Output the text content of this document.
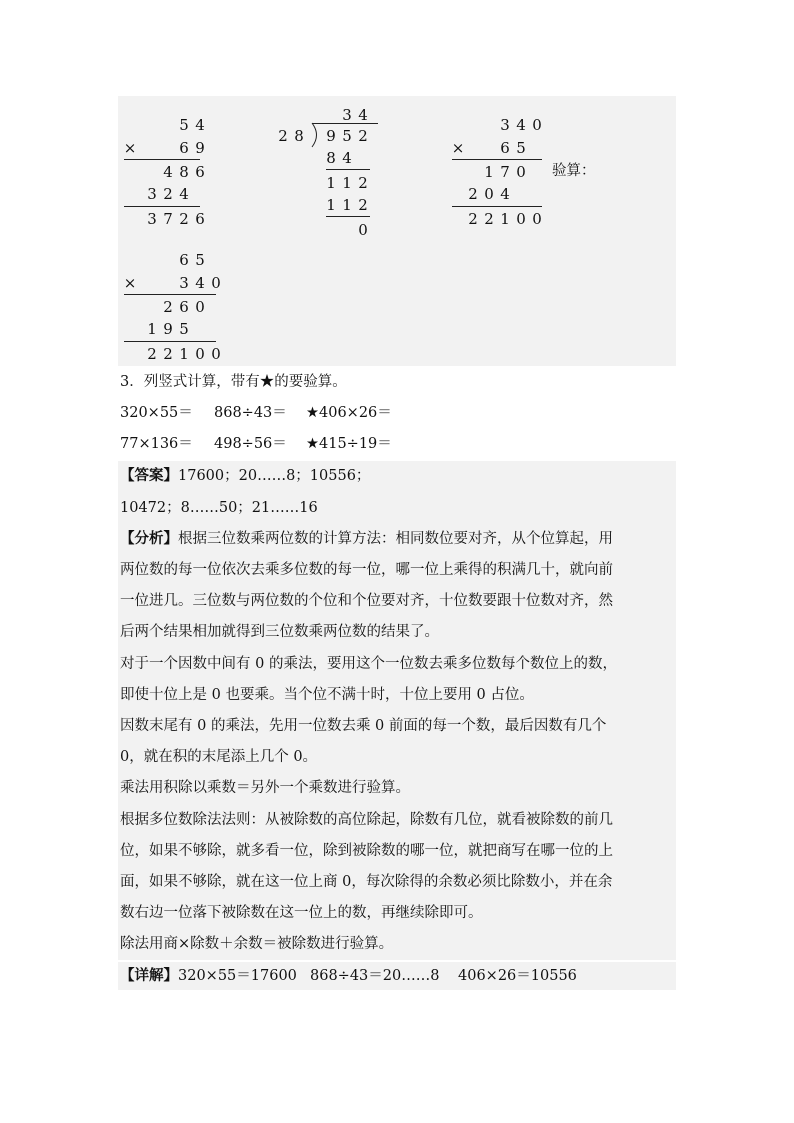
5 4
×	6 9
4 8 6
3 2 4
3 7 2 6
3 4
2 8 9 5 2
8 4
1 1 2
1 1 2
0
3 4 0
× 6 5
1 7 0
2 0 4
2 2 1 0 0
验算：
6 5
×	3 4 0
2 6 0
1 9 5
2 2 1 0 0
3．列竖式计算，带有★的要验算。
320×55＝ 868÷43＝ ★406×26＝
77×136＝ 498÷56＝ ★415÷19＝
【答案】17600；20……8；10556；
10472；8……50；21……16
【分析】根据三位数乘两位数的计算方法：相同数位要对齐，从个位算起，用
两位数的每一位依次去乘多位数的每一位，哪一位上乘得的积满几十，就向前
一位进几。三位数与两位数的个位和个位要对齐，十位数要跟十位数对齐，然
后两个结果相加就得到三位数乘两位数的结果了。
对于一个因数中间有 0 的乘法，要用这个一位数去乘多位数每个数位上的数，
即使十位上是 0 也要乘。当个位不满十时，十位上要用 0 占位。
因数末尾有 0 的乘法，先用一位数去乘 0 前面的每一个数，最后因数有几个
0，就在积的末尾添上几个 0。
乘法用积除以乘数＝另外一个乘数进行验算。
根据多位数除法法则：从被除数的高位除起，除数有几位，就看被除数的前几
位，如果不够除，就多看一位，除到被除数的哪一位，就把商写在哪一位的上
面，如果不够除，就在这一位上商 0，每次除得的余数必须比除数小，并在余
数右边一位落下被除数在这一位上的数，再继续除即可。
除法用商×除数＋余数＝被除数进行验算。
【详解】320×55＝17600 868÷43＝20……8 406×26＝10556
